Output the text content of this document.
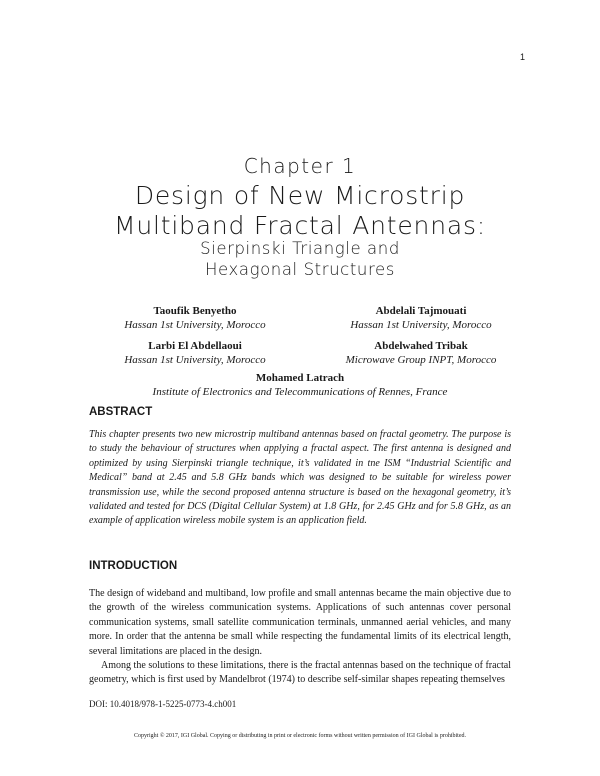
1
Chapter 1
Design of New Microstrip
Multiband Fractal Antennas:
Sierpinski Triangle and
Hexagonal Structures
Taoufik Benyetho
Hassan 1st University, Morocco
Abdelali Tajmouati
Hassan 1st University, Morocco
Larbi El Abdellaoui
Hassan 1st University, Morocco
Abdelwahed Tribak
Microwave Group INPT, Morocco
Mohamed Latrach
Institute of Electronics and Telecommunications of Rennes, France
ABSTRACT
This chapter presents two new microstrip multiband antennas based on fractal geometry. The purpose is to study the behaviour of structures when applying a fractal aspect. The first antenna is designed and optimized by using Sierpinski triangle technique, it’s validated in tne ISM “Industrial Scientific and Medical” band at 2.45 and 5.8 GHz bands which was designed to be suitable for wireless power transmission use, while the second proposed antenna structure is based on the hexagonal geometry, it’s validated and tested for DCS (Digital Cellular System) at 1.8 GHz, for 2.45 GHz and for 5.8 GHz, as an example of application wireless mobile system is an application field.
INTRODUCTION

The design of wideband and multiband, low profile and small antennas became the main objective due to the growth of the wireless communication systems. Applications of such antennas cover personal communication systems, small satellite communication terminals, unmanned aerial vehicles, and many more. In order that the antenna be small while respecting the fundamental limits of its electrical length, several limitations are placed in the design.

Among the solutions to these limitations, there is the fractal antennas based on the technique of fractal geometry, which is first used by Mandelbrot (1974) to describe self-similar shapes repeating themselves

DOI: 10.4018/978-1-5225-0773-4.ch001
Copyright © 2017, IGI Global. Copying or distributing in print or electronic forms without written permission of IGI Global is prohibited.
